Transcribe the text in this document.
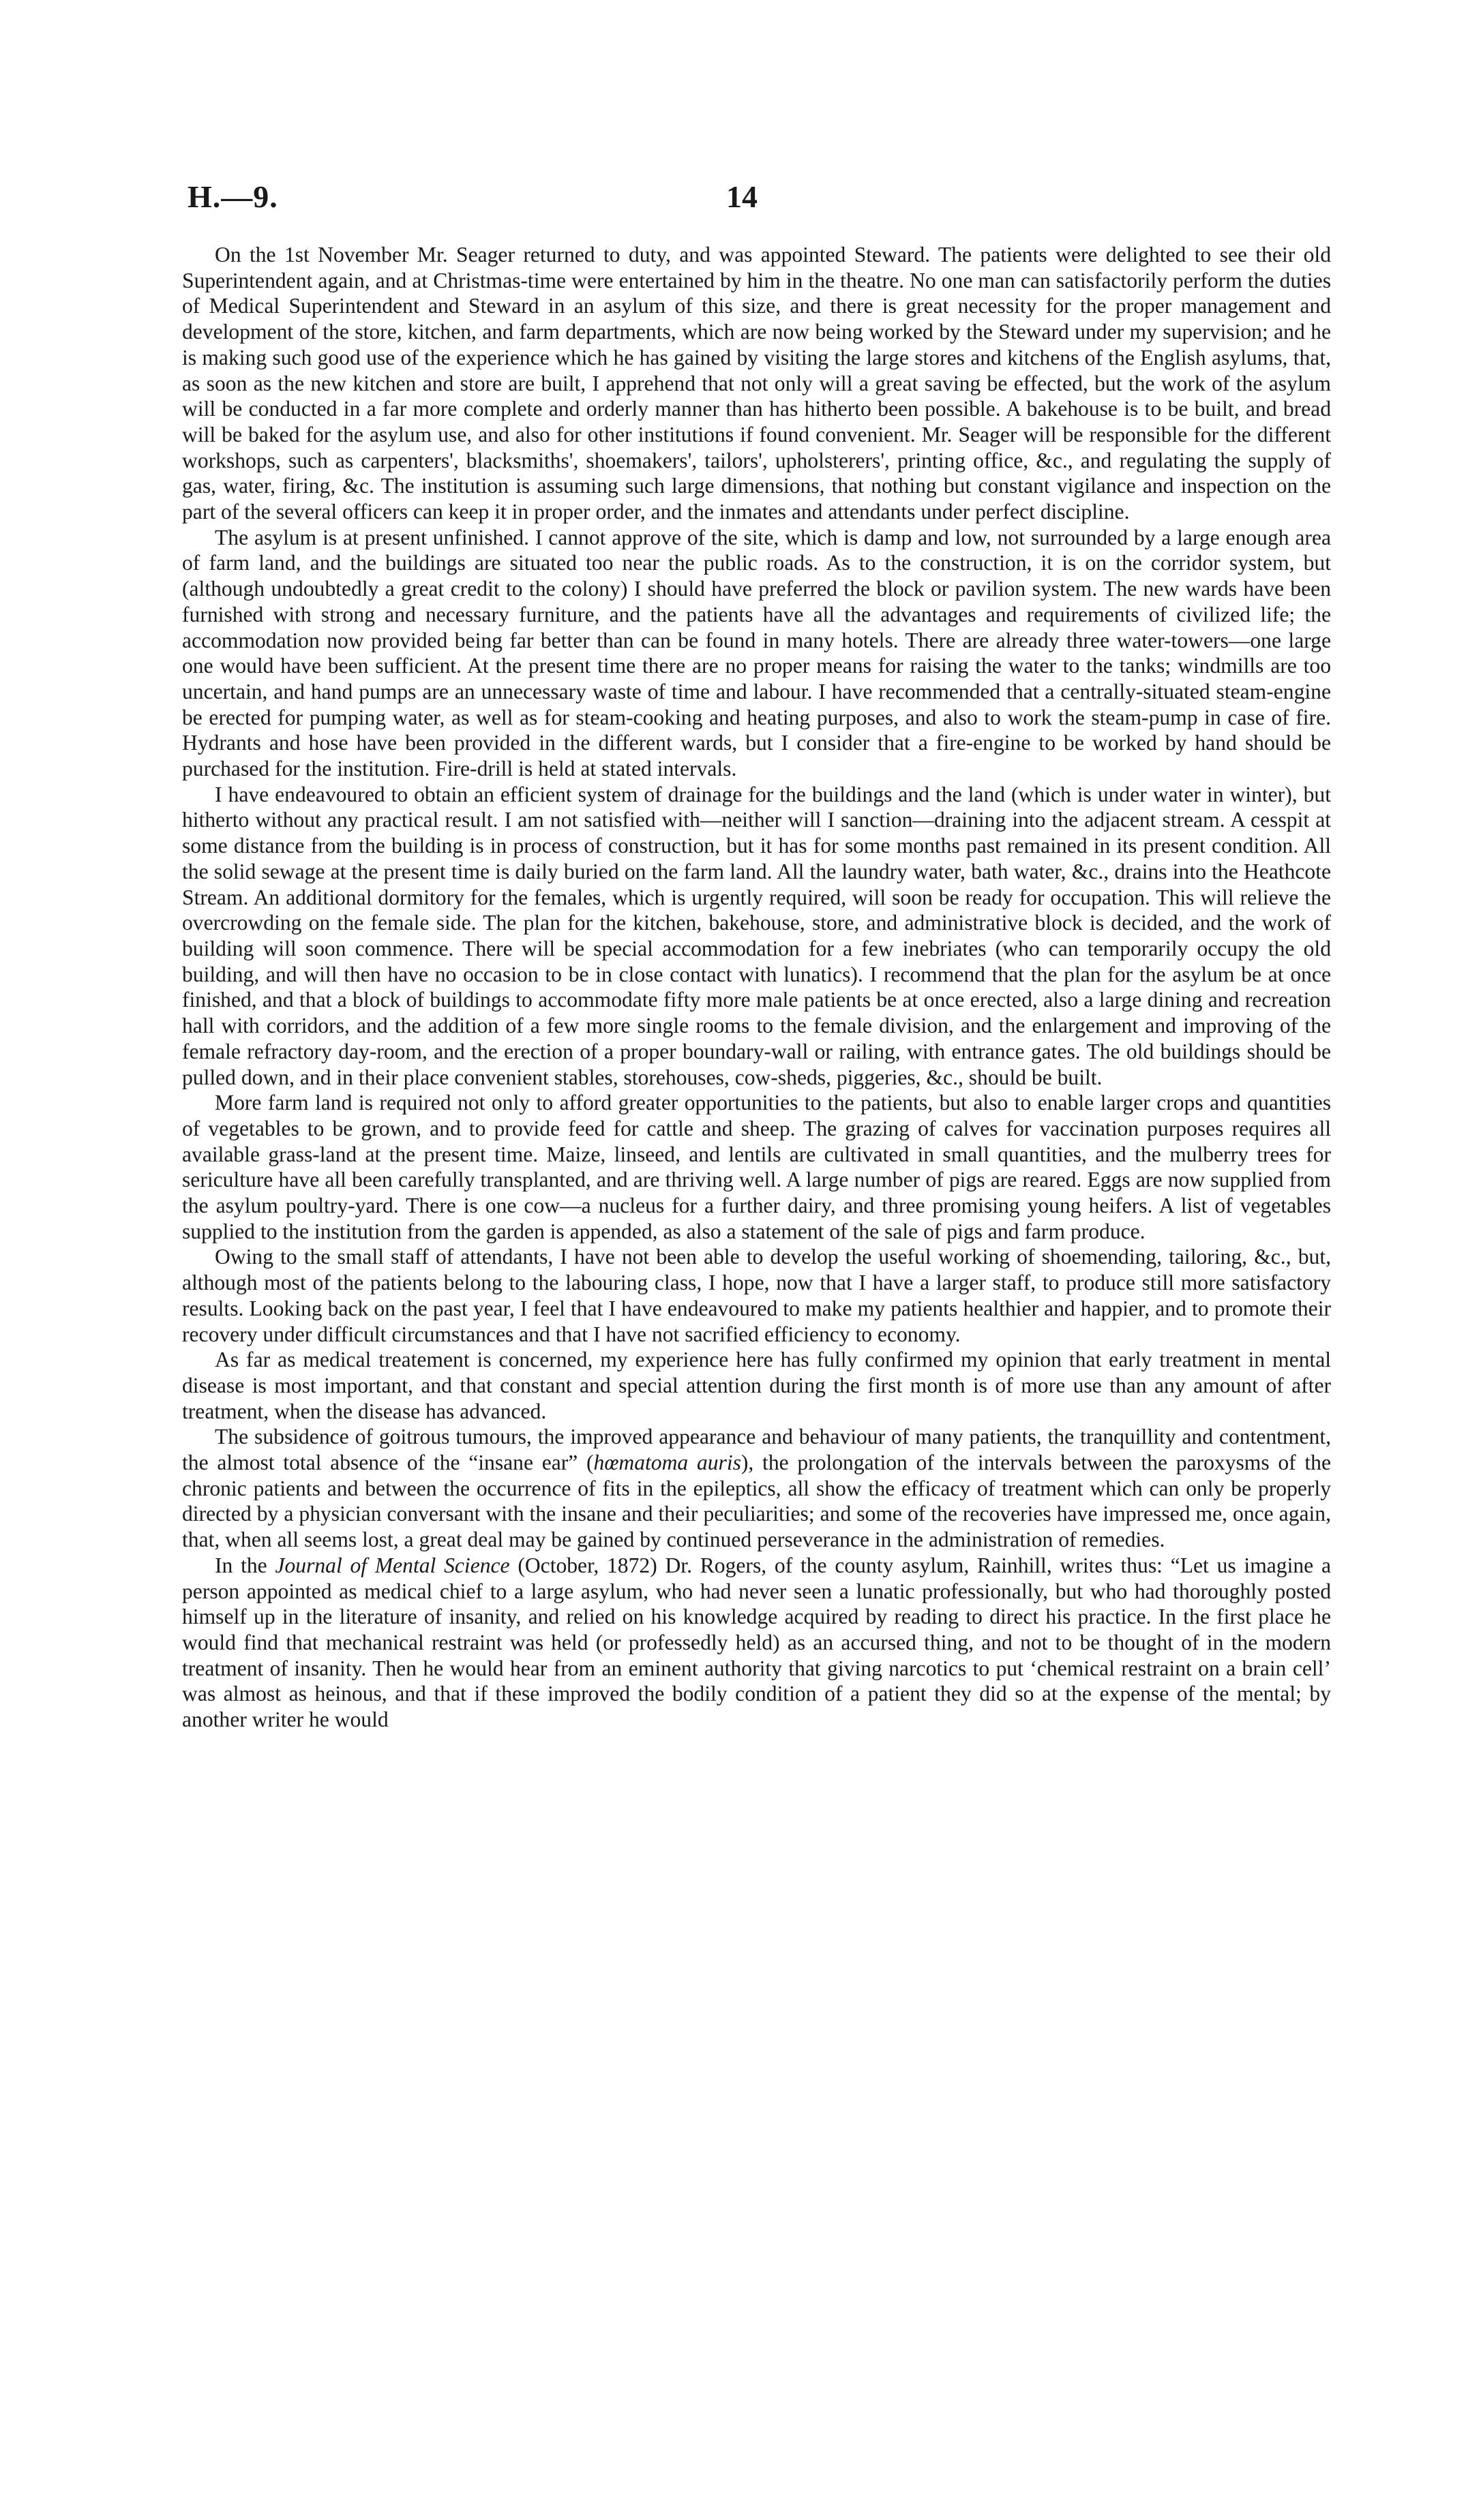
H.—9.	14

On the 1st November Mr. Seager returned to duty, and was appointed Steward. The patients were delighted to see their old Superintendent again, and at Christmas-time were entertained by him in the theatre. No one man can satisfactorily perform the duties of Medical Superintendent and Steward in an asylum of this size, and there is great necessity for the proper management and development of the store, kitchen, and farm departments, which are now being worked by the Steward under my supervision; and he is making such good use of the experience which he has gained by visiting the large stores and kitchens of the English asylums, that, as soon as the new kitchen and store are built, I apprehend that not only will a great saving be effected, but the work of the asylum will be conducted in a far more complete and orderly manner than has hitherto been possible. A bakehouse is to be built, and bread will be baked for the asylum use, and also for other institutions if found convenient. Mr. Seager will be responsible for the different workshops, such as carpenters', blacksmiths', shoemakers', tailors', upholsterers', printing office, &c., and regulating the supply of gas, water, firing, &c. The institution is assuming such large dimensions, that nothing but constant vigilance and inspection on the part of the several officers can keep it in proper order, and the inmates and attendants under perfect discipline.

The asylum is at present unfinished. I cannot approve of the site, which is damp and low, not surrounded by a large enough area of farm land, and the buildings are situated too near the public roads. As to the construction, it is on the corridor system, but (although undoubtedly a great credit to the colony) I should have preferred the block or pavilion system. The new wards have been furnished with strong and necessary furniture, and the patients have all the advantages and requirements of civilized life; the accommodation now provided being far better than can be found in many hotels. There are already three water-towers—one large one would have been sufficient. At the present time there are no proper means for raising the water to the tanks; windmills are too uncertain, and hand pumps are an unnecessary waste of time and labour. I have recommended that a centrally-situated steam-engine be erected for pumping water, as well as for steam-cooking and heating purposes, and also to work the steam-pump in case of fire. Hydrants and hose have been provided in the different wards, but I consider that a fire-engine to be worked by hand should be purchased for the institution. Fire-drill is held at stated intervals.

I have endeavoured to obtain an efficient system of drainage for the buildings and the land (which is under water in winter), but hitherto without any practical result. I am not satisfied with—neither will I sanction—draining into the adjacent stream. A cesspit at some distance from the building is in process of construction, but it has for some months past remained in its present condition. All the solid sewage at the present time is daily buried on the farm land. All the laundry water, bath water, &c., drains into the Heathcote Stream. An additional dormitory for the females, which is urgently required, will soon be ready for occupation. This will relieve the overcrowding on the female side. The plan for the kitchen, bakehouse, store, and administrative block is decided, and the work of building will soon commence. There will be special accommodation for a few inebriates (who can temporarily occupy the old building, and will then have no occasion to be in close contact with lunatics). I recommend that the plan for the asylum be at once finished, and that a block of buildings to accommodate fifty more male patients be at once erected, also a large dining and recreation hall with corridors, and the addition of a few more single rooms to the female division, and the enlargement and improving of the female refractory day-room, and the erection of a proper boundary-wall or railing, with entrance gates. The old buildings should be pulled down, and in their place convenient stables, storehouses, cow-sheds, piggeries, &c., should be built.

More farm land is required not only to afford greater opportunities to the patients, but also to enable larger crops and quantities of vegetables to be grown, and to provide feed for cattle and sheep. The grazing of calves for vaccination purposes requires all available grass-land at the present time. Maize, linseed, and lentils are cultivated in small quantities, and the mulberry trees for sericulture have all been carefully transplanted, and are thriving well. A large number of pigs are reared. Eggs are now supplied from the asylum poultry-yard. There is one cow—a nucleus for a further dairy, and three promising young heifers. A list of vegetables supplied to the institution from the garden is appended, as also a statement of the sale of pigs and farm produce.

Owing to the small staff of attendants, I have not been able to develop the useful working of shoemending, tailoring, &c., but, although most of the patients belong to the labouring class, I hope, now that I have a larger staff, to produce still more satisfactory results. Looking back on the past year, I feel that I have endeavoured to make my patients healthier and happier, and to promote their recovery under difficult circumstances and that I have not sacrified efficiency to economy.

As far as medical treatement is concerned, my experience here has fully confirmed my opinion that early treatment in mental disease is most important, and that constant and special attention during the first month is of more use than any amount of after treatment, when the disease has advanced.

The subsidence of goitrous tumours, the improved appearance and behaviour of many patients, the tranquillity and contentment, the almost total absence of the “insane ear” (hœmatoma auris), the prolongation of the intervals between the paroxysms of the chronic patients and between the occurrence of fits in the epileptics, all show the efficacy of treatment which can only be properly directed by a physician conversant with the insane and their peculiarities; and some of the recoveries have impressed me, once again, that, when all seems lost, a great deal may be gained by continued perseverance in the administration of remedies.

In the Journal of Mental Science (October, 1872) Dr. Rogers, of the county asylum, Rainhill, writes thus: “Let us imagine a person appointed as medical chief to a large asylum, who had never seen a lunatic professionally, but who had thoroughly posted himself up in the literature of insanity, and relied on his knowledge acquired by reading to direct his practice. In the first place he would find that mechanical restraint was held (or professedly held) as an accursed thing, and not to be thought of in the modern treatment of insanity. Then he would hear from an eminent authority that giving narcotics to put ‘chemical restraint on a brain cell’ was almost as heinous, and that if these improved the bodily condition of a patient they did so at the expense of the mental; by another writer he would
